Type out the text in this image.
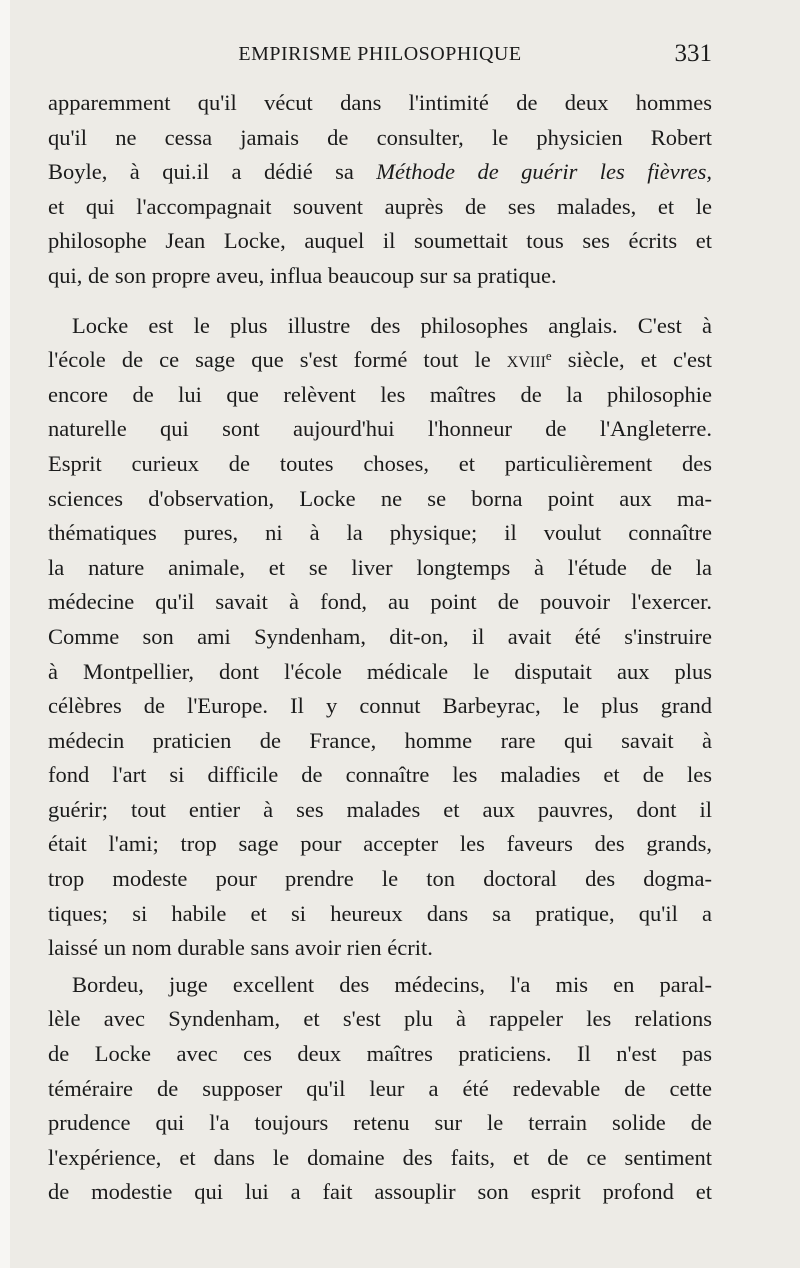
EMPIRISME PHILOSOPHIQUE	331

apparemment qu'il vécut dans l'intimité de deux hommes
qu'il ne cessa jamais de consulter, le physicien Robert
Boyle, à qui.il a dédié sa Méthode de guérir les fièvres,
et qui l'accompagnait souvent auprès de ses malades, et le
philosophe Jean Locke, auquel il soumettait tous ses écrits et
qui, de son propre aveu, influa beaucoup sur sa pratique.

Locke est le plus illustre des philosophes anglais. C'est à
l'école de ce sage que s'est formé tout le xviii$^e$ siècle, et c'est
encore de lui que relèvent les maîtres de la philosophie
naturelle qui sont aujourd'hui l'honneur de l'Angleterre.
Esprit curieux de toutes choses, et particulièrement des
sciences d'observation, Locke ne se borna point aux ma-
thématiques pures, ni à la physique; il voulut connaître
la nature animale, et se liver longtemps à l'étude de la
médecine qu'il savait à fond, au point de pouvoir l'exercer.
Comme son ami Syndenham, dit-on, il avait été s'instruire
à Montpellier, dont l'école médicale le disputait aux plus
célèbres de l'Europe. Il y connut Barbeyrac, le plus grand
médecin praticien de France, homme rare qui savait à
fond l'art si difficile de connaître les maladies et de les
guérir; tout entier à ses malades et aux pauvres, dont il
était l'ami; trop sage pour accepter les faveurs des grands,
trop modeste pour prendre le ton doctoral des dogma-
tiques; si habile et si heureux dans sa pratique, qu'il a
laissé un nom durable sans avoir rien écrit.

Bordeu, juge excellent des médecins, l'a mis en paral-
lèle avec Syndenham, et s'est plu à rappeler les relations
de Locke avec ces deux maîtres praticiens. Il n'est pas
téméraire de supposer qu'il leur a été redevable de cette
prudence qui l'a toujours retenu sur le terrain solide de
l'expérience, et dans le domaine des faits, et de ce sentiment
de modestie qui lui a fait assouplir son esprit profond et
